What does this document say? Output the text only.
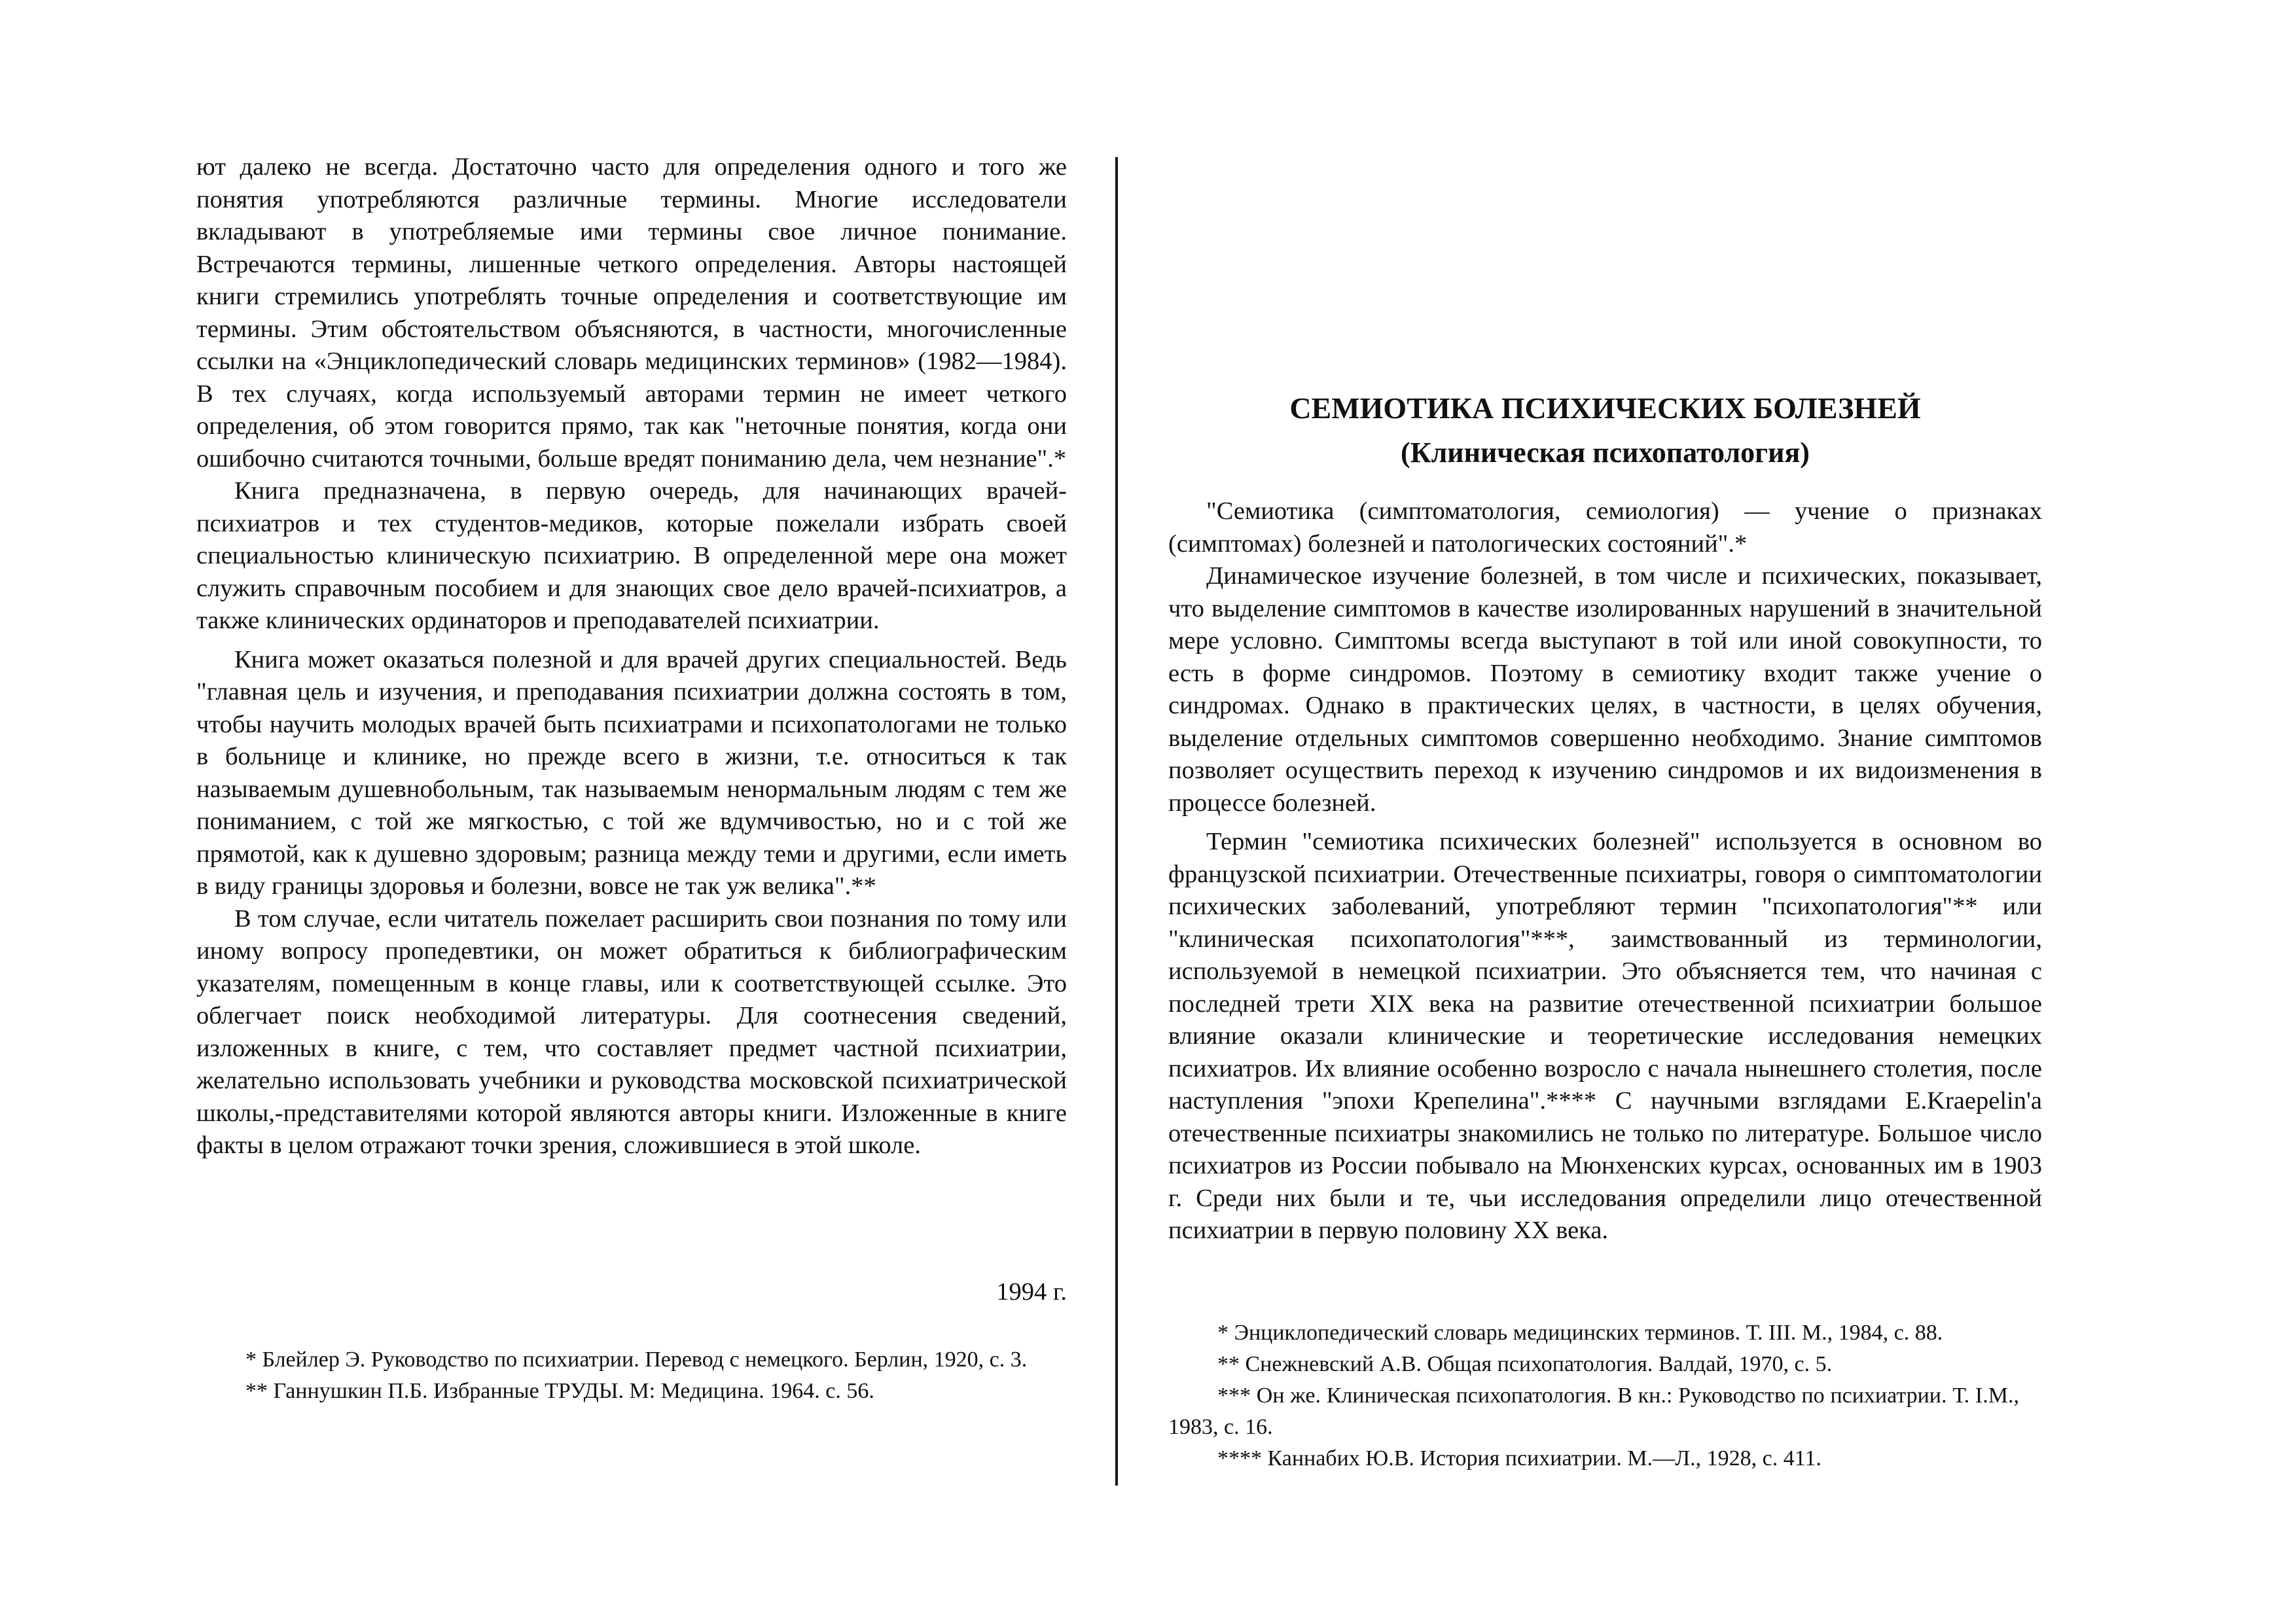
ют далеко не всегда. Достаточно часто для определения одного и того же понятия употребляются различные термины. Многие исследователи вкладывают в употребляемые ими термины свое личное понимание. Встречаются термины, лишенные четкого определения. Авторы настоящей книги стремились употреблять точные определения и соответствующие им термины. Этим обстоятельством объясняются, в частности, многочисленные ссылки на «Энциклопедический словарь медицинских терминов» (1982—1984). В тех случаях, когда используемый авторами термин не имеет четкого определения, об этом говорится прямо, так как "неточные понятия, когда они ошибочно считаются точными, больше вредят пониманию дела, чем незнание".*

Книга предназначена, в первую очередь, для начинающих врачей-психиатров и тех студентов-медиков, которые пожелали избрать своей специальностью клиническую психиатрию. В определенной мере она может служить справочным пособием и для знающих свое дело врачей-психиатров, а также клинических ординаторов и преподавателей психиатрии.

Книга может оказаться полезной и для врачей других специальностей. Ведь "главная цель и изучения, и преподавания психиатрии должна состоять в том, чтобы научить молодых врачей быть психиатрами и психопатологами не только в больнице и клинике, но прежде всего в жизни, т.е. относиться к так называемым душевнобольным, так называемым ненормальным людям с тем же пониманием, с той же мягкостью, с той же вдумчивостью, но и с той же прямотой, как к душевно здоровым; разница между теми и другими, если иметь в виду границы здоровья и болезни, вовсе не так уж велика".**

В том случае, если читатель пожелает расширить свои познания по тому или иному вопросу пропедевтики, он может обратиться к библиографическим указателям, помещенным в конце главы, или к соответствующей ссылке. Это облегчает поиск необходимой литературы. Для соотнесения сведений, изложенных в книге, с тем, что составляет предмет частной психиатрии, желательно использовать учебники и руководства московской психиатрической школы,-представителями которой являются авторы книги. Изложенные в книге факты в целом отражают точки зрения, сложившиеся в этой школе.

1994 г.

* Блейлер Э. Руководство по психиатрии. Перевод с немецкого. Берлин, 1920, с. 3.

** Ганнушкин П.Б. Избранные ТРУДЫ. М: Медицина. 1964. с. 56.

СЕМИОТИКА ПСИХИЧЕСКИХ БОЛЕЗНЕЙ

(Клиническая психопатология)

"Семиотика (симптоматология, семиология) — учение о признаках (симптомах) болезней и патологических состояний".*

Динамическое изучение болезней, в том числе и психических, показывает, что выделение симптомов в качестве изолированных нарушений в значительной мере условно. Симптомы всегда выступают в той или иной совокупности, то есть в форме синдромов. Поэтому в семиотику входит также учение о синдромах. Однако в практических целях, в частности, в целях обучения, выделение отдельных симптомов совершенно необходимо. Знание симптомов позволяет осуществить переход к изучению синдромов и их видоизменения в процессе болезней.

Термин "семиотика психических болезней" используется в основном во французской психиатрии. Отечественные психиатры, говоря о симптоматологии психических заболеваний, употребляют термин "психопатология"** или "клиническая психопатология"***, заимствованный из терминологии, используемой в немецкой психиатрии. Это объясняется тем, что начиная с последней трети XIX века на развитие отечественной психиатрии большое влияние оказали клинические и теоретические исследования немецких психиатров. Их влияние особенно возросло с начала нынешнего столетия, после наступления "эпохи Крепелина".**** С научными взглядами E.Kraepelin'a отечественные психиатры знакомились не только по литературе. Большое число психиатров из России побывало на Мюнхенских курсах, основанных им в 1903 г. Среди них были и те, чьи исследования определили лицо отечественной психиатрии в первую половину XX века.

* Энциклопедический словарь медицинских терминов. Т. III. М., 1984, с. 88.

** Снежневский А.В. Общая психопатология. Валдай, 1970, с. 5.

*** Он же. Клиническая психопатология. В кн.: Руководство по психиатрии. Т. I.М., 1983, с. 16.

**** Каннабих Ю.В. История психиатрии. М.—Л., 1928, с. 411.
